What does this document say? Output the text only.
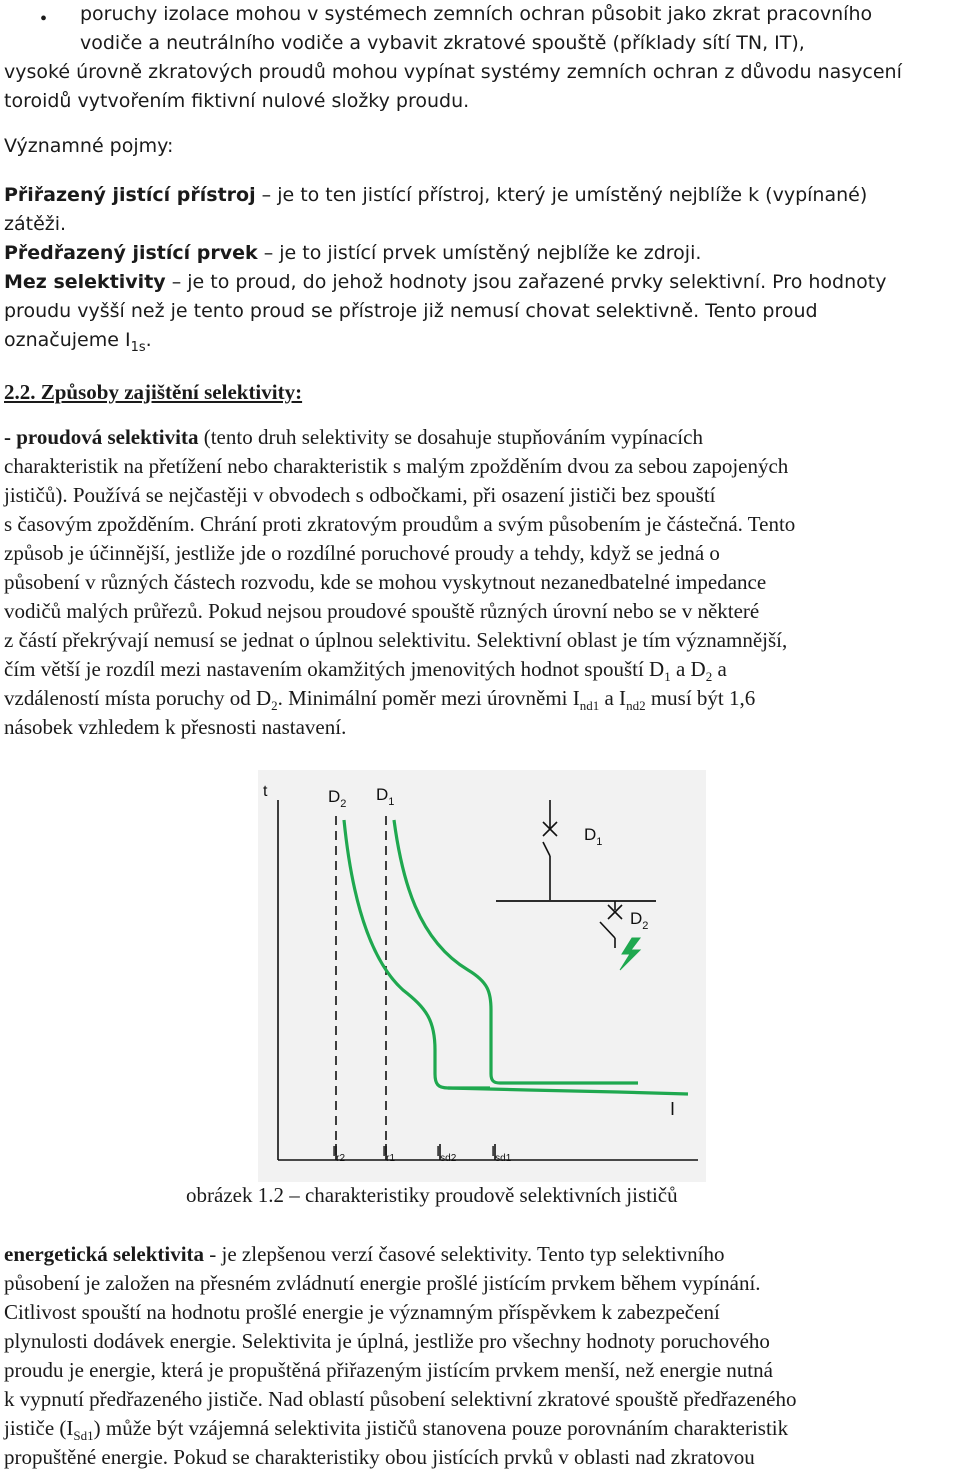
• poruchy izolace mohou v systémech zemních ochran působit jako zkrat pracovního
vodiče a neutrálního vodiče a vybavit zkratové spouště (příklady sítí TN, IT),
vysoké úrovně zkratových proudů mohou vypínat systémy zemních ochran z důvodu nasycení
toroidů vytvořením fiktivní nulové složky proudu.
Významné pojmy:
Přiřazený jistící přístroj – je to ten jistící přístroj, který je umístěný nejblíže k (vypínané)
zátěži.
Předřazený jistící prvek – je to jistící prvek umístěný nejblíže ke zdroji.
Mez selektivity – je to proud, do jehož hodnoty jsou zařazené prvky selektivní. Pro hodnoty
proudu vyšší než je tento proud se přístroje již nemusí chovat selektivně. Tento proud
označujeme $I_{1s}$.
2.2. Způsoby zajištění selektivity:
- proudová selektivita (tento druh selektivity se dosahuje stupňováním vypínacích
charakteristik na přetížení nebo charakteristik s malým zpožděním dvou za sebou zapojených
jističů). Používá se nejčastěji v obvodech s odbočkami, při osazení jističi bez spouští
s časovým zpožděním. Chrání proti zkratovým proudům a svým působením je částečná. Tento
způsob je účinnější, jestliže jde o rozdílné poruchové proudy a tehdy, když se jedná o
působení v různých částech rozvodu, kde se mohou vyskytnout nezanedbatelné impedance
vodičů malých průřezů. Pokud nejsou proudové spouště různých úrovní nebo se v některé
z částí překrývají nemusí se jednat o úplnou selektivitu. Selektivní oblast je tím významnější,
čím větší je rozdíl mezi nastavením okamžitých jmenovitých hodnot spouští $D_1$ a $D_2$ a
vzdáleností místa poruchy od $D_2$. Minimální poměr mezi úrovněmi $I_{nd1}$ a $I_{nd2}$ musí být 1,6
násobek vzhledem k přesnosti nastavení.
t
I
$D_2$ $D_1$
$I_{r2}$ $I_{r1}$	$I_{sd2}$ $I_{sd1}$
$D_1$
$D_2$
obrázek 1.2 – charakteristiky proudově selektivních jističů
energetická selektivita - je zlepšenou verzí časové selektivity. Tento typ selektivního
působení je založen na přesném zvládnutí energie prošlé jistícím prvkem během vypínání.
Citlivost spouští na hodnotu prošlé energie je významným příspěvkem k zabezpečení
plynulosti dodávek energie. Selektivita je úplná, jestliže pro všechny hodnoty poruchového
proudu je energie, která je propuštěná přiřazeným jistícím prvkem menší, než energie nutná
k vypnutí předřazeného jističe. Nad oblastí působení selektivní zkratové spouště předřazeného
jističe $(I_{Sd1})$ může být vzájemná selektivita jističů stanovena pouze porovnáním charakteristik
propuštěné energie. Pokud se charakteristiky obou jistících prvků v oblasti nad zkratovou
